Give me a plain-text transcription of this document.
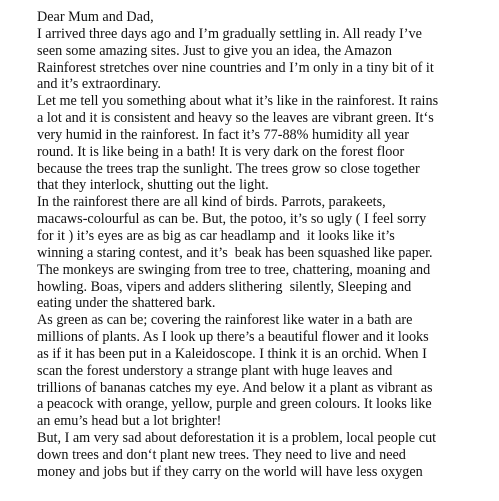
Dear Mum and Dad,
I arrived three days ago and I’m gradually settling in. All ready I’ve
seen some amazing sites. Just to give you an idea, the Amazon
Rainforest stretches over nine countries and I’m only in a tiny bit of it
and it’s extraordinary.
Let me tell you something about what it’s like in the rainforest. It rains
a lot and it is consistent and heavy so the leaves are vibrant green. It‘s
very humid in the rainforest. In fact it’s 77-88% humidity all year
round. It is like being in a bath! It is very dark on the forest floor
because the trees trap the sunlight. The trees grow so close together
that they interlock, shutting out the light.
In the rainforest there are all kind of birds. Parrots, parakeets,
macaws-colourful as can be. But, the potoo, it’s so ugly ( I feel sorry
for it ) it’s eyes are as big as car headlamp and  it looks like it’s
winning a staring contest, and it’s  beak has been squashed like paper.
The monkeys are swinging from tree to tree, chattering, moaning and
howling. Boas, vipers and adders slithering  silently, Sleeping and
eating under the shattered bark.
As green as can be; covering the rainforest like water in a bath are
millions of plants. As I look up there’s a beautiful flower and it looks
as if it has been put in a Kaleidoscope. I think it is an orchid. When I
scan the forest understory a strange plant with huge leaves and
trillions of bananas catches my eye. And below it a plant as vibrant as
a peacock with orange, yellow, purple and green colours. It looks like
an emu’s head but a lot brighter!
But, I am very sad about deforestation it is a problem, local people cut
down trees and don‘t plant new trees. They need to live and need
money and jobs but if they carry on the world will have less oxygen
